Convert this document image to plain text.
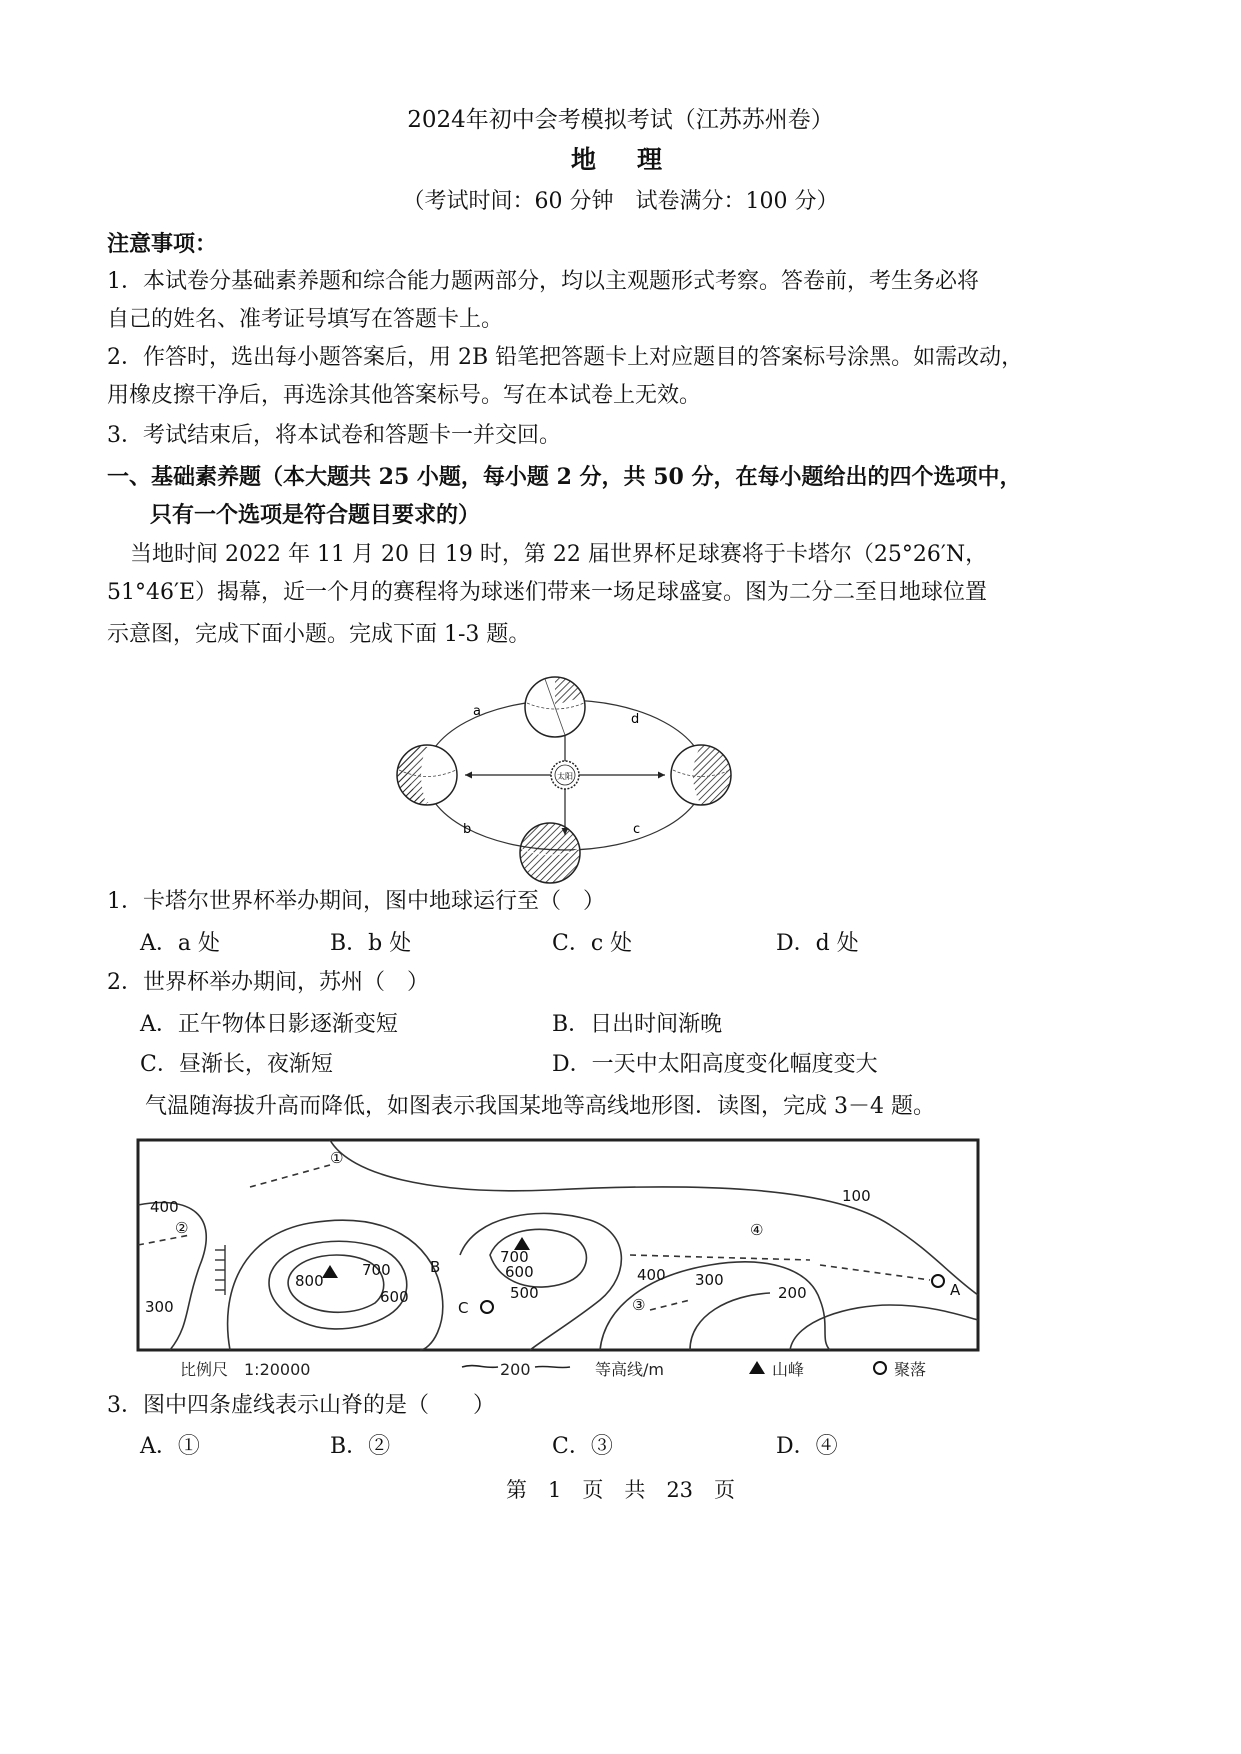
2024年初中会考模拟考试（江苏苏州卷）
地　理
（考试时间：60 分钟　试卷满分：100 分）
注意事项：
1．本试卷分基础素养题和综合能力题两部分，均以主观题形式考察。答卷前，考生务必将
自己的姓名、准考证号填写在答题卡上。
2．作答时，选出每小题答案后，用 2B 铅笔把答题卡上对应题目的答案标号涂黑。如需改动，
用橡皮擦干净后，再选涂其他答案标号。写在本试卷上无效。
3．考试结束后，将本试卷和答题卡一并交回。
一、基础素养题（本大题共 25 小题，每小题 2 分，共 50 分，在每小题给出的四个选项中，
只有一个选项是符合题目要求的）
当地时间 2022 年 11 月 20 日 19 时，第 22 届世界杯足球赛将于卡塔尔（25°26′N，
51°46′E）揭幕，近一个月的赛程将为球迷们带来一场足球盛宴。图为二分二至日地球位置
示意图，完成下面小题。完成下面 1-3 题。
太阳
a
b	c
d
1．卡塔尔世界杯举办期间，图中地球运行至（　）
A．a 处	B．b 处	C．c 处	D．d 处
2．世界杯举办期间，苏州（　）
A．正午物体日影逐渐变短	B．日出时间渐晚
C．昼渐长，夜渐短	D．一天中太阳高度变化幅度变大
气温随海拔升高而降低，如图表示我国某地等高线地形图．读图，完成 3－4 题。
①
②
③
④
100
400
300
800
700
600
700
600
500
400 300
200
B
C
A
比例尺　1:20000	200	等高线/m	山峰	聚落
3．图中四条虚线表示山脊的是（　　）
A．①	B．②	C．③	D．④
第　1　页　共　23　页
